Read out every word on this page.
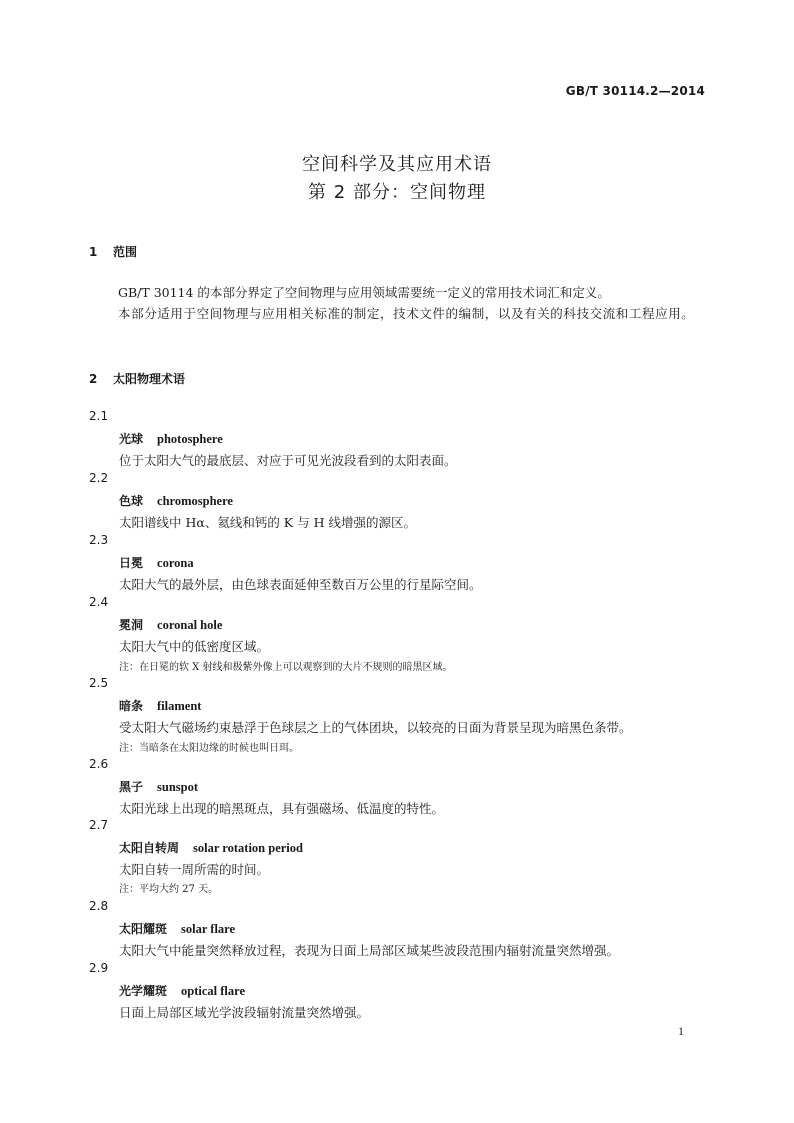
GB/T 30114.2—2014
空间科学及其应用术语
第 2 部分：空间物理
1 范围
GB/T 30114 的本部分界定了空间物理与应用领域需要统一定义的常用技术词汇和定义。
本部分适用于空间物理与应用相关标准的制定，技术文件的编制，以及有关的科技交流和工程应用。
2 太阳物理术语
2.1
光球 photosphere
位于太阳大气的最底层、对应于可见光波段看到的太阳表面。
2.2
色球 chromosphere
太阳谱线中 Hα、氦线和钙的 K 与 H 线增强的源区。
2.3
日冕 corona
太阳大气的最外层，由色球表面延伸至数百万公里的行星际空间。
2.4
冕洞 coronal hole
太阳大气中的低密度区域。
注：在日冕的软 X 射线和极紫外像上可以观察到的大片不规则的暗黑区域。
2.5
暗条 filament
受太阳大气磁场约束悬浮于色球层之上的气体团块，以较亮的日面为背景呈现为暗黑色条带。
注：当暗条在太阳边缘的时候也叫日珥。
2.6
黑子 sunspot
太阳光球上出现的暗黑斑点，具有强磁场、低温度的特性。
2.7
太阳自转周 solar rotation period
太阳自转一周所需的时间。
注：平均大约 27 天。
2.8
太阳耀斑 solar flare
太阳大气中能量突然释放过程，表现为日面上局部区域某些波段范围内辐射流量突然增强。
2.9
光学耀斑 optical flare
日面上局部区域光学波段辐射流量突然增强。
1
